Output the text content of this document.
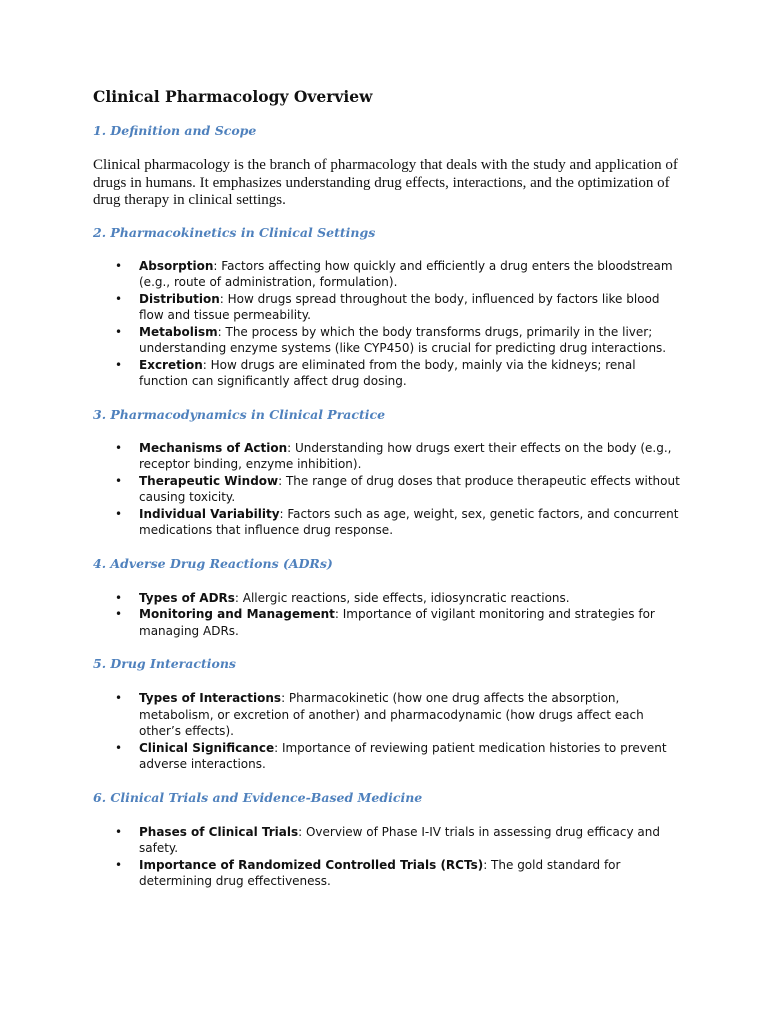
Clinical Pharmacology Overview
1. Definition and Scope

Clinical pharmacology is the branch of pharmacology that deals with the study and application of drugs in humans. It emphasizes understanding drug effects, interactions, and the optimization of drug therapy in clinical settings.

2. Pharmacokinetics in Clinical Settings
• Absorption: Factors affecting how quickly and efficiently a drug enters the bloodstream (e.g., route of administration, formulation).
• Distribution: How drugs spread throughout the body, influenced by factors like blood flow and tissue permeability.
• Metabolism: The process by which the body transforms drugs, primarily in the liver; understanding enzyme systems (like CYP450) is crucial for predicting drug interactions.
• Excretion: How drugs are eliminated from the body, mainly via the kidneys; renal function can significantly affect drug dosing.
3. Pharmacodynamics in Clinical Practice
• Mechanisms of Action: Understanding how drugs exert their effects on the body (e.g., receptor binding, enzyme inhibition).
• Therapeutic Window: The range of drug doses that produce therapeutic effects without causing toxicity.
• Individual Variability: Factors such as age, weight, sex, genetic factors, and concurrent medications that influence drug response.
4. Adverse Drug Reactions (ADRs)
• Types of ADRs: Allergic reactions, side effects, idiosyncratic reactions.
• Monitoring and Management: Importance of vigilant monitoring and strategies for managing ADRs.
5. Drug Interactions
• Types of Interactions: Pharmacokinetic (how one drug affects the absorption, metabolism, or excretion of another) and pharmacodynamic (how drugs affect each other’s effects).
• Clinical Significance: Importance of reviewing patient medication histories to prevent adverse interactions.
6. Clinical Trials and Evidence-Based Medicine
• Phases of Clinical Trials: Overview of Phase I-IV trials in assessing drug efficacy and safety.
• Importance of Randomized Controlled Trials (RCTs): The gold standard for determining drug effectiveness.
